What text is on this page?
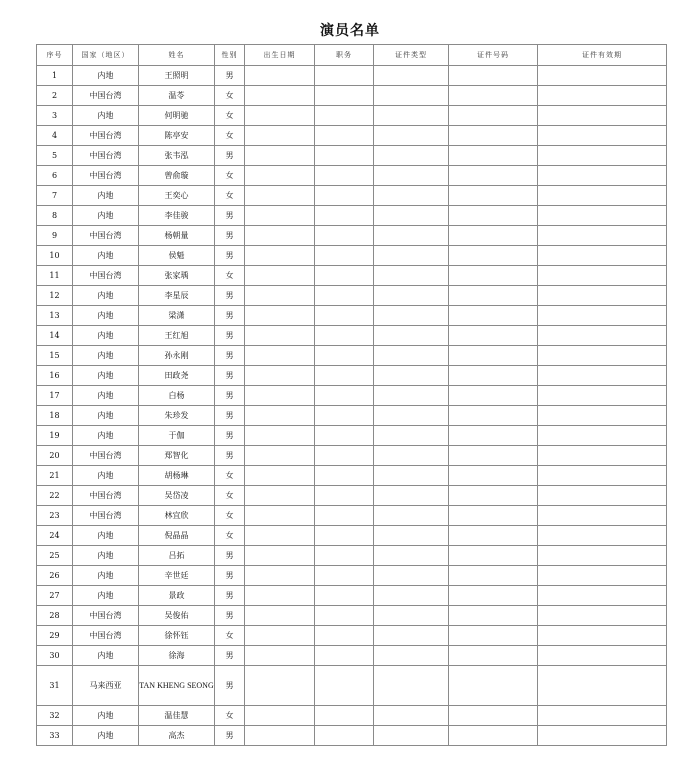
演员名单
序号	国家（地区）	姓名	性别	出生日期	职务	证件类型	证件号码	证件有效期
1	内地	王照明	男					
2	中国台湾	温苓	女					
3	内地	何明驰	女					
4	中国台湾	陈亭安	女					
5	中国台湾	张韦泓	男					
6	中国台湾	曾俞璇	女					
7	内地	王奕心	女					
8	内地	李佳骏	男					
9	中国台湾	杨朝量	男					
10	内地	侯魁	男					
11	中国台湾	张家瑀	女					
12	内地	李星辰	男					
13	内地	梁潇	男					
14	内地	王红旭	男					
15	内地	孙永刚	男					
16	内地	田政尧	男					
17	内地	白杨	男					
18	内地	朱珍发	男					
19	内地	于伽	男					
20	中国台湾	郑智化	男					
21	内地	胡杨琳	女					
22	中国台湾	吴岱凌	女					
23	中国台湾	林宜欣	女					
24	内地	倪晶晶	女					
25	内地	吕拓	男					
26	内地	辛世廷	男					
27	内地	景政	男					
28	中国台湾	吴俊佑	男					
29	中国台湾	徐怀钰	女					
30	内地	徐海	男					
31	马来西亚	TAN KHENG SEONG	男					
32	内地	温佳慧	女					
33	内地	高杰	男					
